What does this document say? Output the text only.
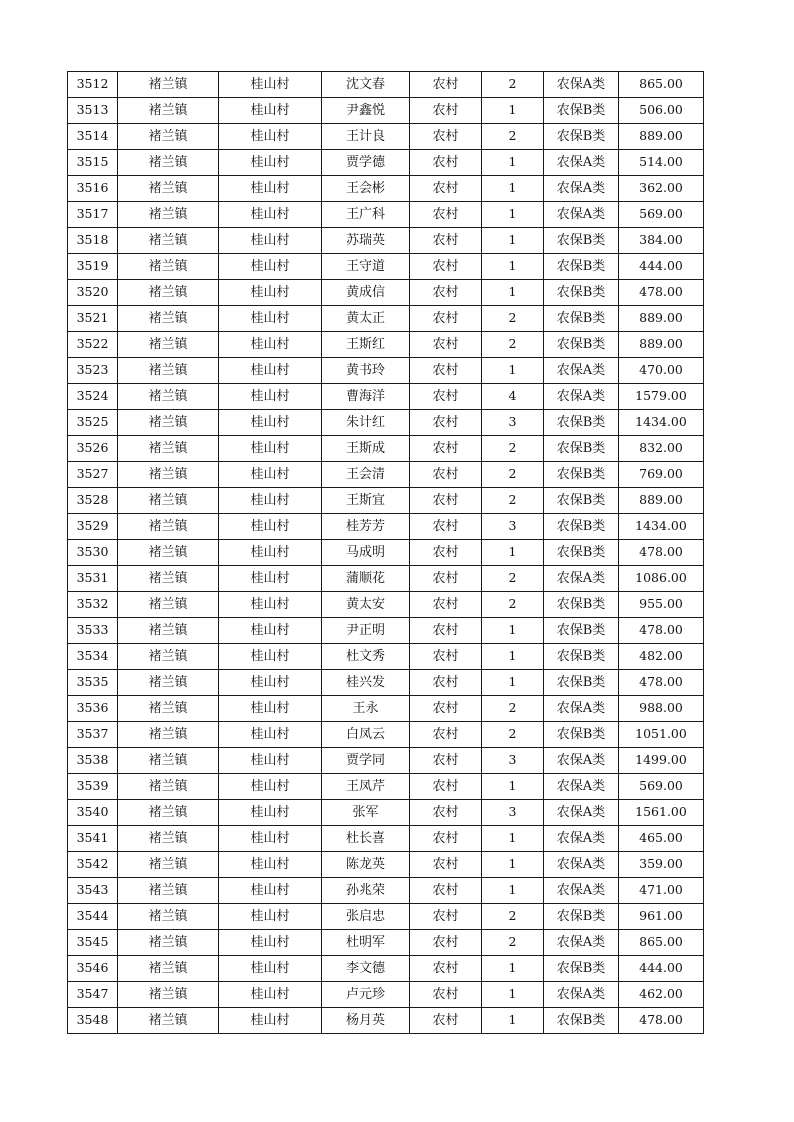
3512	褚兰镇	桂山村	沈文春	农村	2	农保A类	865.00
3513	褚兰镇	桂山村	尹鑫悦	农村	1	农保B类	506.00
3514	褚兰镇	桂山村	王计良	农村	2	农保B类	889.00
3515	褚兰镇	桂山村	贾学德	农村	1	农保A类	514.00
3516	褚兰镇	桂山村	王会彬	农村	1	农保A类	362.00
3517	褚兰镇	桂山村	王广科	农村	1	农保A类	569.00
3518	褚兰镇	桂山村	苏瑞英	农村	1	农保B类	384.00
3519	褚兰镇	桂山村	王守道	农村	1	农保B类	444.00
3520	褚兰镇	桂山村	黄成信	农村	1	农保B类	478.00
3521	褚兰镇	桂山村	黄太正	农村	2	农保B类	889.00
3522	褚兰镇	桂山村	王斯红	农村	2	农保B类	889.00
3523	褚兰镇	桂山村	黄书玲	农村	1	农保A类	470.00
3524	褚兰镇	桂山村	曹海洋	农村	4	农保A类	1579.00
3525	褚兰镇	桂山村	朱计红	农村	3	农保B类	1434.00
3526	褚兰镇	桂山村	王斯成	农村	2	农保B类	832.00
3527	褚兰镇	桂山村	王会清	农村	2	农保B类	769.00
3528	褚兰镇	桂山村	王斯宜	农村	2	农保B类	889.00
3529	褚兰镇	桂山村	桂芳芳	农村	3	农保B类	1434.00
3530	褚兰镇	桂山村	马成明	农村	1	农保B类	478.00
3531	褚兰镇	桂山村	蒲顺花	农村	2	农保A类	1086.00
3532	褚兰镇	桂山村	黄太安	农村	2	农保B类	955.00
3533	褚兰镇	桂山村	尹正明	农村	1	农保B类	478.00
3534	褚兰镇	桂山村	杜文秀	农村	1	农保B类	482.00
3535	褚兰镇	桂山村	桂兴发	农村	1	农保B类	478.00
3536	褚兰镇	桂山村	王永	农村	2	农保A类	988.00
3537	褚兰镇	桂山村	白凤云	农村	2	农保B类	1051.00
3538	褚兰镇	桂山村	贾学同	农村	3	农保A类	1499.00
3539	褚兰镇	桂山村	王凤芹	农村	1	农保A类	569.00
3540	褚兰镇	桂山村	张军	农村	3	农保A类	1561.00
3541	褚兰镇	桂山村	杜长喜	农村	1	农保A类	465.00
3542	褚兰镇	桂山村	陈龙英	农村	1	农保A类	359.00
3543	褚兰镇	桂山村	孙兆荣	农村	1	农保A类	471.00
3544	褚兰镇	桂山村	张启忠	农村	2	农保B类	961.00
3545	褚兰镇	桂山村	杜明军	农村	2	农保A类	865.00
3546	褚兰镇	桂山村	李文德	农村	1	农保B类	444.00
3547	褚兰镇	桂山村	卢元珍	农村	1	农保A类	462.00
3548	褚兰镇	桂山村	杨月英	农村	1	农保B类	478.00
